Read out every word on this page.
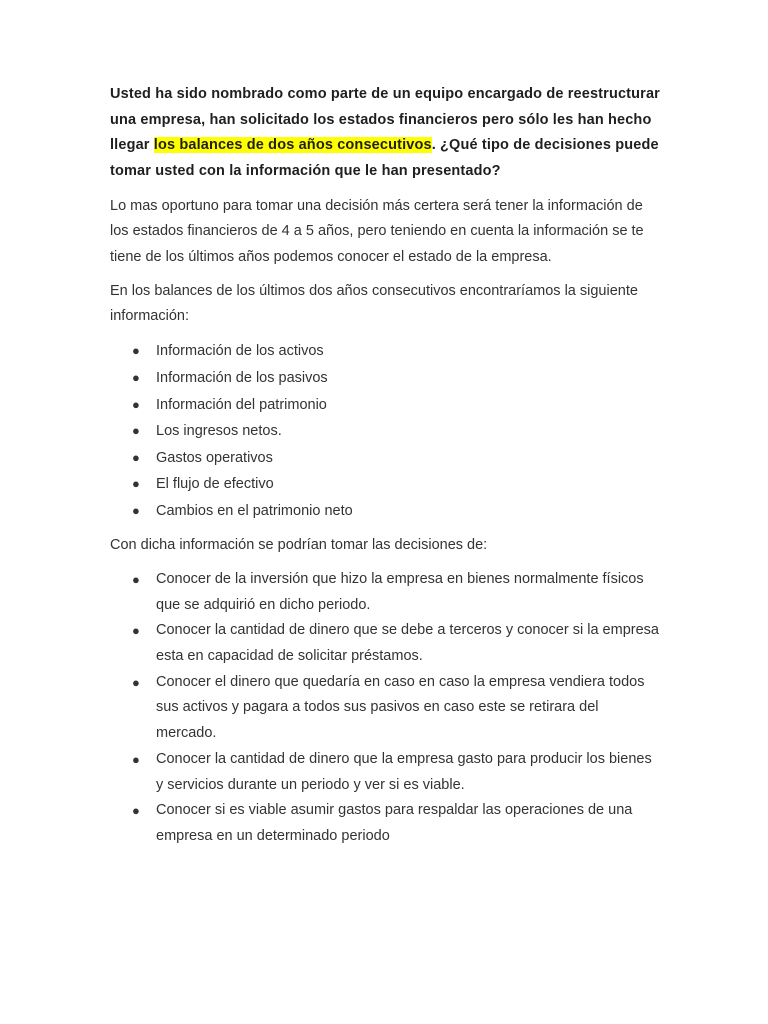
Usted ha sido nombrado como parte de un equipo encargado de reestructurar una empresa, han solicitado los estados financieros pero sólo les han hecho llegar los balances de dos años consecutivos. ¿Qué tipo de decisiones puede tomar usted con la información que le han presentado?

Lo mas oportuno para tomar una decisión más certera será tener la información de los estados financieros de 4 a 5 años, pero teniendo en cuenta la información se te tiene de los últimos años podemos conocer el estado de la empresa.

En los balances de los últimos dos años consecutivos encontraríamos la siguiente información:

● Información de los activos
● Información de los pasivos
● Información del patrimonio
● Los ingresos netos.
● Gastos operativos
● El flujo de efectivo
● Cambios en el patrimonio neto

Con dicha información se podrían tomar las decisiones de:

● Conocer de la inversión que hizo la empresa en bienes normalmente físicos que se adquirió en dicho periodo.
● Conocer la cantidad de dinero que se debe a terceros y conocer si la empresa esta en capacidad de solicitar préstamos.
● Conocer el dinero que quedaría en caso en caso la empresa vendiera todos sus activos y pagara a todos sus pasivos en caso este se retirara del mercado.
● Conocer la cantidad de dinero que la empresa gasto para producir los bienes y servicios durante un periodo y ver si es viable.
● Conocer si es viable asumir gastos para respaldar las operaciones de una empresa en un determinado periodo
